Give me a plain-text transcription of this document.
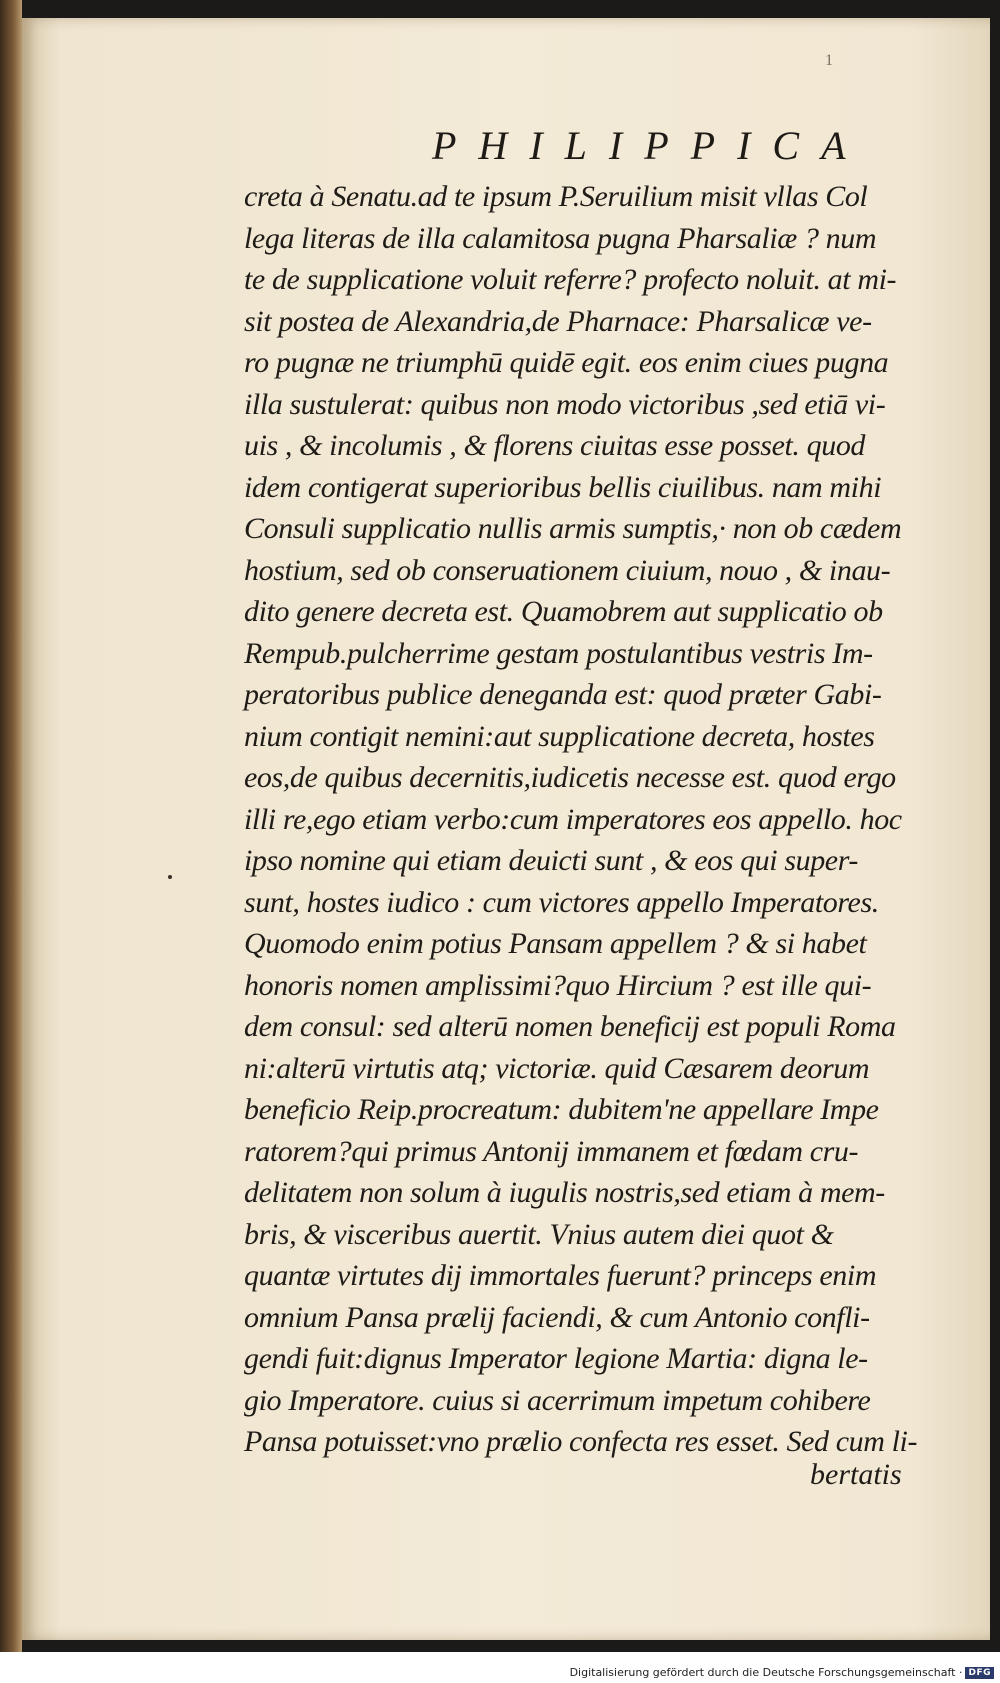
1
PHILIPPICA
creta à Senatu.ad te ipsum P.Seruilium misit vllas Col
lega literas de illa calamitosa pugna Pharsaliæ ? num
te de supplicatione voluit referre? profecto noluit. at mi-
sit postea de Alexandria,de Pharnace: Pharsalicæ ve-
ro pugnæ ne triumphū quidē egit. eos enim ciues pugna
illa sustulerat: quibus non modo victoribus ,sed etiā vi-
uis , & incolumis , & florens ciuitas esse posset. quod
idem contigerat superioribus bellis ciuilibus. nam mihi
Consuli supplicatio nullis armis sumptis,· non ob cædem
hostium, sed ob conseruationem ciuium, nouo , & inau-
dito genere decreta est. Quamobrem aut supplicatio ob
Rempub.pulcherrime gestam postulantibus vestris Im-
peratoribus publice deneganda est: quod præter Gabi-
nium contigit nemini:aut supplicatione decreta, hostes
eos,de quibus decernitis,iudicetis necesse est. quod ergo
illi re,ego etiam verbo:cum imperatores eos appello. hoc
ipso nomine qui etiam deuicti sunt , & eos qui super-
sunt, hostes iudico : cum victores appello Imperatores.
Quomodo enim potius Pansam appellem ? & si habet
honoris nomen amplissimi?quo Hircium ? est ille qui-
dem consul: sed alterū nomen beneficij est populi Roma
ni:alterū virtutis atq; victoriæ. quid Cæsarem deorum
beneficio Reip.procreatum: dubitem'ne appellare Impe
ratorem?qui primus Antonij immanem et fœdam cru-
delitatem non solum à iugulis nostris,sed etiam à mem-
bris, & visceribus auertit. Vnius autem diei quot &
quantæ virtutes dij immortales fuerunt? princeps enim
omnium Pansa prælij faciendi, & cum Antonio confli-
gendi fuit:dignus Imperator legione Martia: digna le-
gio Imperatore. cuius si acerrimum impetum cohibere
Pansa potuisset:vno prælio confecta res esset. Sed cum li-
bertatis
Digitalisierung gefördert durch die Deutsche Forschungsgemeinschaft · DFG
